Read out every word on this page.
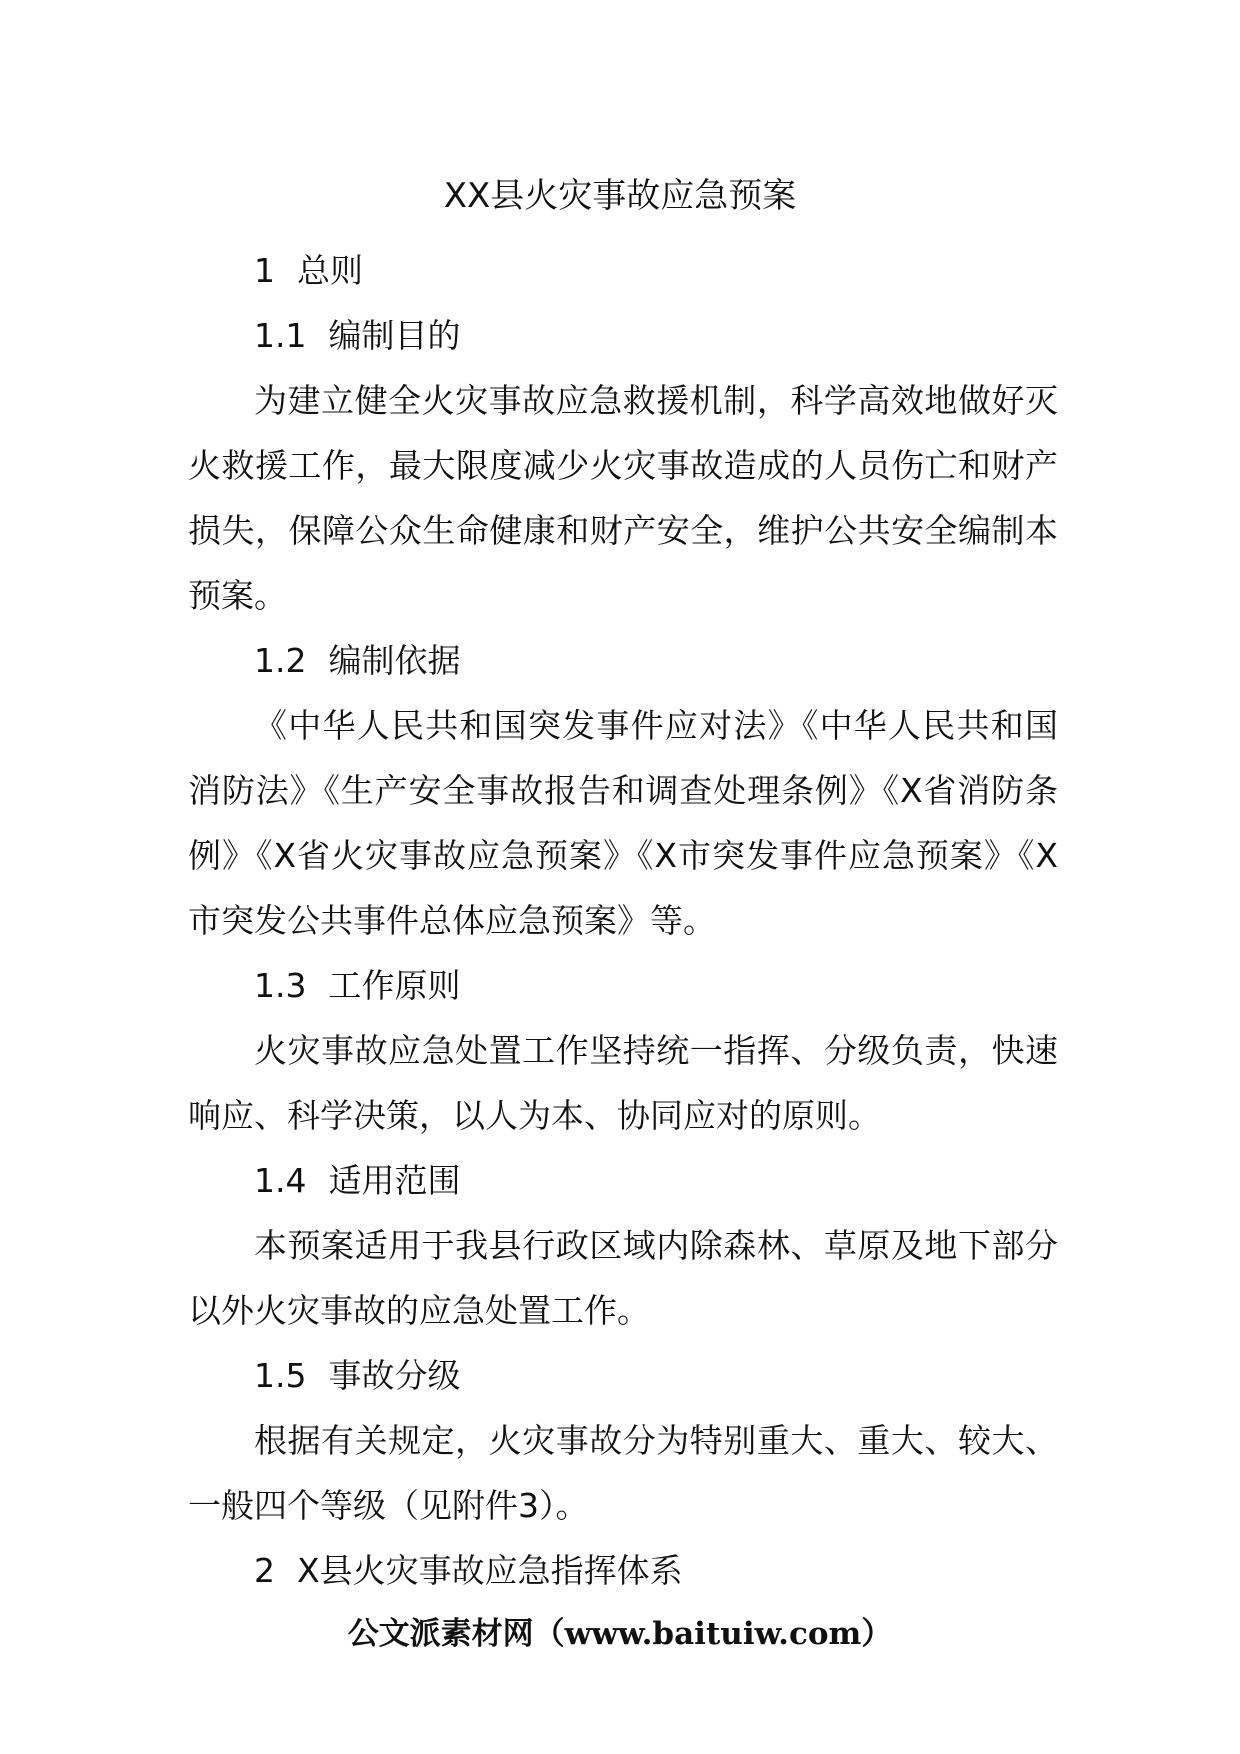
XX县火灾事故应急预案
1 总则
1.1 编制目的

为建立健全火灾事故应急救援机制，科学高效地做好灭火救援工作，最大限度减少火灾事故造成的人员伤亡和财产损失，保障公众生命健康和财产安全，维护公共安全编制本预案。

1.2 编制依据

《中华人民共和国突发事件应对法》《中华人民共和国消防法》《生产安全事故报告和调查处理条例》《X省消防条例》《X省火灾事故应急预案》《X市突发事件应急预案》《X市突发公共事件总体应急预案》等。

1.3 工作原则

火灾事故应急处置工作坚持统一指挥、分级负责，快速响应、科学决策，以人为本、协同应对的原则。

1.4 适用范围

本预案适用于我县行政区域内除森林、草原及地下部分以外火灾事故的应急处置工作。

1.5 事故分级

根据有关规定，火灾事故分为特别重大、重大、较大、一般四个等级（见附件3）。

2 X县火灾事故应急指挥体系
公文派素材网（www.baituiw.com）
